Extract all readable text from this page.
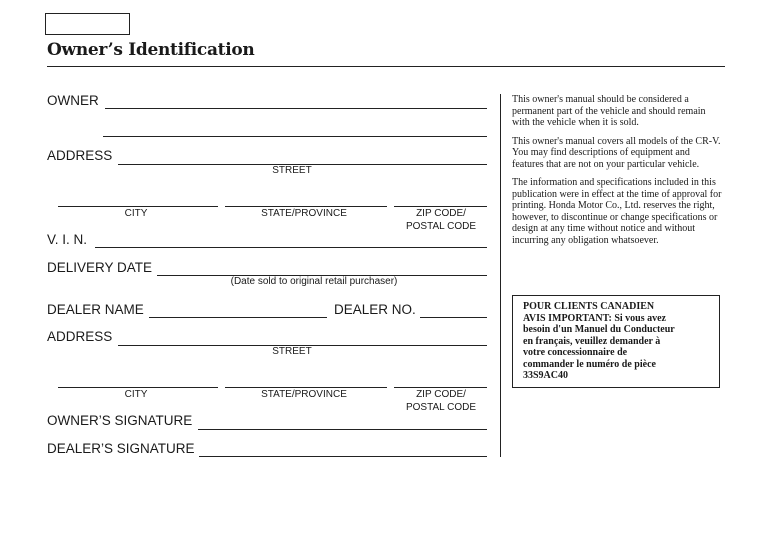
Owner’s Identification
OWNER
ADDRESS
STREET
CITY	STATE/PROVINCE	ZIP CODE/
POSTAL CODE
V. I. N.
DELIVERY DATE
(Date sold to original retail purchaser)
DEALER NAME	DEALER NO.
ADDRESS
STREET
CITY	STATE/PROVINCE	ZIP CODE/
POSTAL CODE
OWNER’S SIGNATURE
DEALER’S SIGNATURE

This owner's manual should be considered a permanent part of the vehicle and should remain with the vehicle when it is sold.

This owner's manual covers all models of the CR-V. You may find descriptions of equipment and features that are not on your particular vehicle.

The information and specifications included in this publication were in effect at the time of approval for printing. Honda Motor Co., Ltd. reserves the right, however, to discontinue or change specifications or design at any time without notice and without incurring any obligation whatsoever.

POUR CLIENTS CANADIEN
AVIS IMPORTANT: Si vous avez
besoin d'un Manuel du Conducteur
en français, veuillez demander à
votre concessionnaire de
commander le numéro de pièce
33S9AC40
